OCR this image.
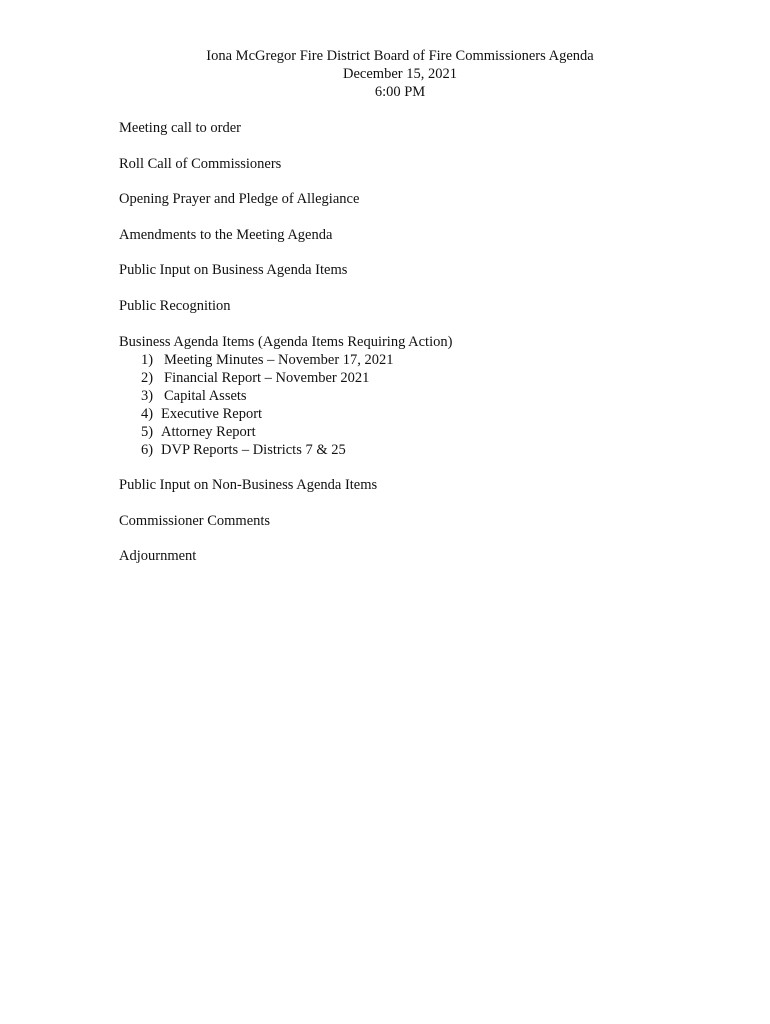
Iona McGregor Fire District Board of Fire Commissioners Agenda
December 15, 2021
6:00 PM
Meeting call to order
Roll Call of Commissioners
Opening Prayer and Pledge of Allegiance
Amendments to the Meeting Agenda
Public Input on Business Agenda Items
Public Recognition
Business Agenda Items (Agenda Items Requiring Action)
1) Meeting Minutes – November 17, 2021
2) Financial Report – November 2021
3) Capital Assets
4) Executive Report
5) Attorney Report
6) DVP Reports – Districts 7 & 25
Public Input on Non-Business Agenda Items
Commissioner Comments
Adjournment
